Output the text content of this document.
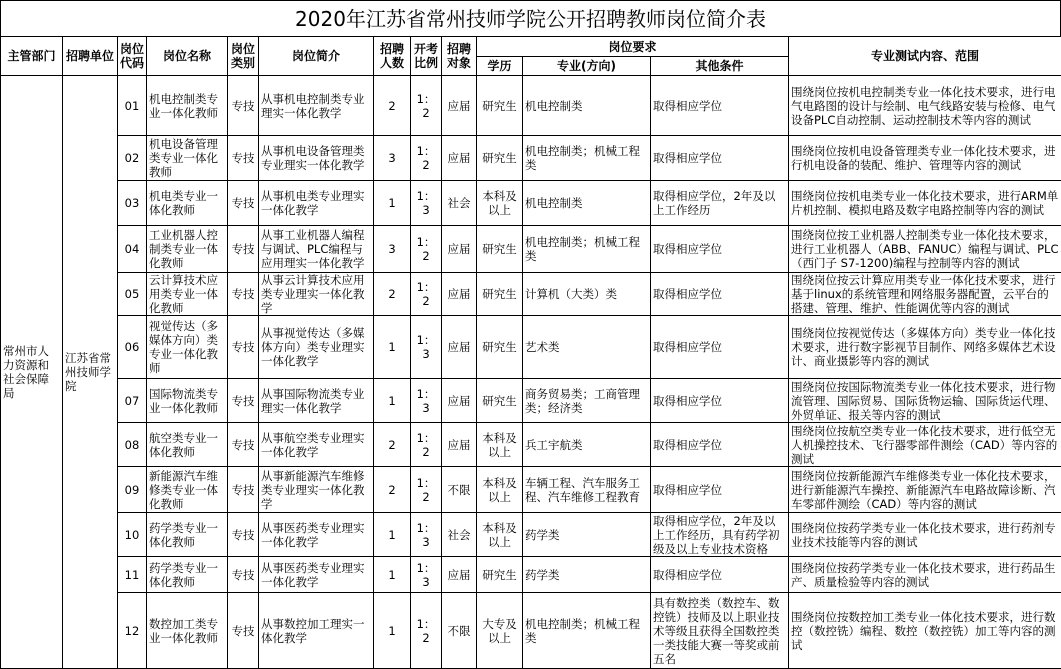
2020年江苏省常州技师学院公开招聘教师岗位简介表
主管部门	招聘单位	岗位代码	岗位名称	岗位类别	岗位简介	招聘人数	开考比例	招聘对象	岗位要求			专业测试内容、范围
									学历	专业(方向)	其他条件	
常州市人力资源和社会保障局	江苏省常州技师学院	01	机电控制类专业一体化教师	专技	从事机电控制类专业理实一体化教学	2	1：2	应届	研究生	机电控制类	取得相应学位	围绕岗位按机电控制类专业一体化技术要求，进行电气电路图的设计与绘制、电气线路安装与检修、电气设备PLC自动控制、运动控制技术等内容的测试
		02	机电设备管理类专业一体化教师	专技	从事机电设备管理类专业理实一体化教学	3	1：2	应届	研究生	机电控制类；机械工程类	取得相应学位	围绕岗位按机电设备管理类专业一体化技术要求，进行机电设备的装配、维护、管理等内容的测试
		03	机电类专业一体化教师	专技	从事机电类专业理实一体化教学	1	1：3	社会	本科及以上	机电控制类	取得相应学位，2年及以上工作经历	围绕岗位按机电类专业一体化技术要求，进行ARM单片机控制、模拟电路及数字电路控制等内容的测试
		04	工业机器人控制类专业一体化教师	专技	从事工业机器人编程与调试、PLC编程与应用理实一体化教学	3	1：2	应届	研究生	机电控制类；机械工程类	取得相应学位	围绕岗位按工业机器人控制类专业一体化技术要求，进行工业机器人（ABB、FANUC）编程与调试、PLC（西门子 S7-1200)编程与控制等内容的测试
		05	云计算技术应用类专业一体化教师	专技	从事云计算技术应用类专业理实一体化教学	2	1：2	应届	研究生	计算机（大类）类	取得相应学位	围绕岗位按云计算应用类专业一体化技术要求，进行基于linux的系统管理和网络服务器配置，云平台的搭建、管理、维护、性能调优等内容的测试
		06	视觉传达（多媒体方向）类专业一体化教师	专技	从事视觉传达（多媒体方向）类专业理实一体化教学	1	1：3	应届	研究生	艺术类	取得相应学位	围绕岗位按视觉传达（多媒体方向）类专业一体化技术要求，进行数字影视节目制作、网络多媒体艺术设计、商业摄影等内容的测试
		07	国际物流类专业一体化教师	专技	从事国际物流类专业理实一体化教学	1	1：3	应届	研究生	商务贸易类；工商管理类；经济类	取得相应学位	围绕岗位按国际物流类专业一体化技术要求，进行物流管理、国际贸易、国际货物运输、国际货运代理、外贸单证、报关等内容的测试
		08	航空类专业一体化教师	专技	从事航空类专业理实一体化教学	2	1：2	应届	本科及以上	兵工宇航类	取得相应学位	围绕岗位按航空类专业一体化技术要求，进行低空无人机操控技术、飞行器零部件测绘（CAD）等内容的测试
		09	新能源汽车维修类专业一体化教师	专技	从事新能源汽车维修类专业理实一体化教学	2	1：2	不限	本科及以上	车辆工程、汽车服务工程、汽车维修工程教育	取得相应学位	围绕岗位按新能源汽车维修类专业一体化技术要求，进行新能源汽车操控、新能源汽车电路故障诊断、汽车零部件测绘（CAD）等内容的测试
		10	药学类专业一体化教师	专技	从事医药类专业理实一体化教学	1	1：3	社会	本科及以上	药学类	取得相应学位，2年及以上工作经历，具有药学初级及以上专业技术资格	围绕岗位按药学类专业一体化技术要求，进行药剂专业技术技能等内容的测试
		11	药学类专业一体化教师	专技	从事医药类专业理实一体化教学	1	1：3	应届	研究生	药学类	取得相应学位	围绕岗位按药学类专业一体化技术要求，进行药品生产、质量检验等内容的测试
		12	数控加工类专业一体化教师	专技	从事数控加工理实一体化教学	1	1：2	不限	大专及以上	机电控制类；机械工程类	具有数控类（数控车、数控铣）技师及以上职业技术等级且获得全国数控类一类技能大赛一等奖或前五名	围绕岗位按数控加工类专业一体化技术要求，进行数控（数控铣）编程、数控（数控铣）加工等内容的测试
